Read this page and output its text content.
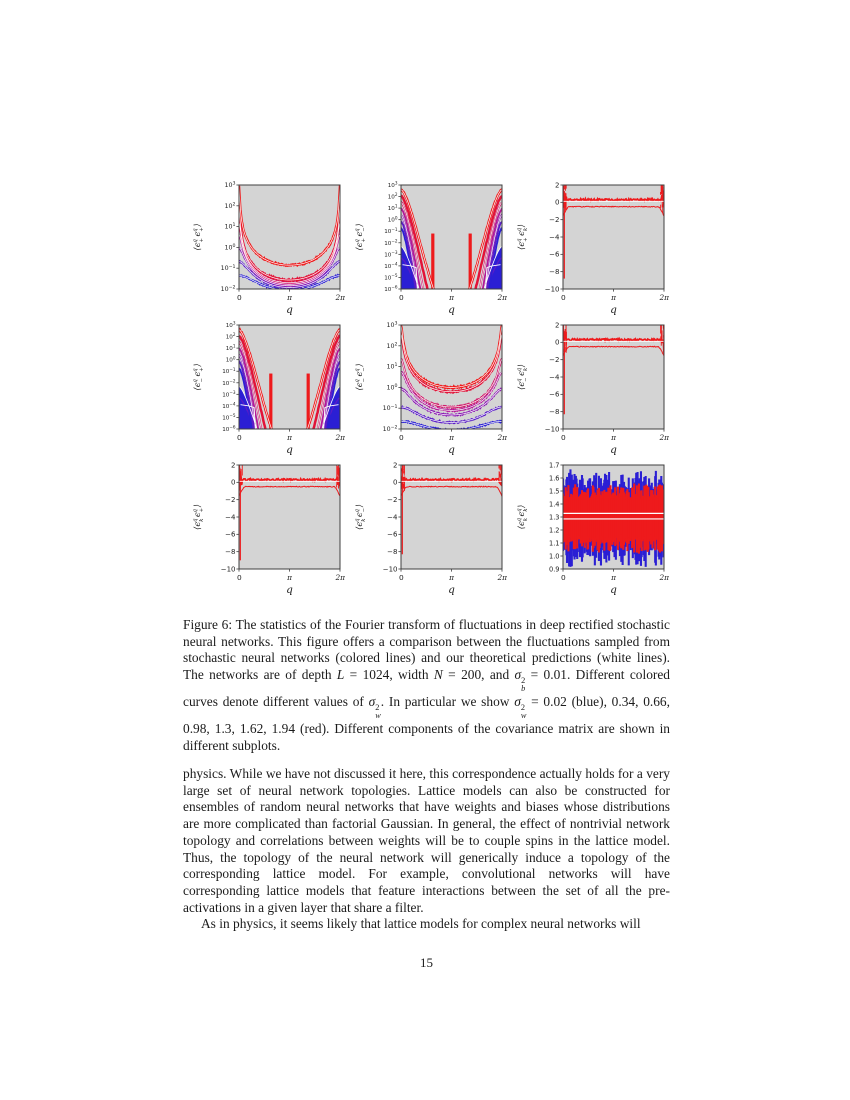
$10^3$
$10^2$
$10^1$
$10^0$
$10^{-1}$
$10^{-2}$
0	π	2π
q
$⟨\epsilon^q+\epsilon^q+⟩$
$10^3$
$10^2$
$10^1$
$10^0$
$10^{-1}$
$10^{-2}$
$10^{-3}$
$10^{-4}$
$10^{-5}$
$10^{-6}$
0	π	2π
q
$⟨\epsilon^q+\epsilon^q-⟩$
2
0
−2
−4
−6
−8
−10
0	π	2π
q
$⟨\epsilon^q+\epsilon^qk⟩$
$10^3$
$10^2$
$10^1$
$10^0$
$10^{-1}$
$10^{-2}$
$10^{-3}$
$10^{-4}$
$10^{-5}$
$10^{-6}$
0	π	2π
q
$⟨\epsilon^q-\epsilon^q+⟩$
$10^3$
$10^2$
$10^1$
$10^0$
$10^{-1}$
$10^{-2}$
0	π	2π
q
$⟨\epsilon^q-\epsilon^q-⟩$
2
0
−2
−4
−6
−8
−10
0	π	2π
q
$⟨\epsilon^q-\epsilon^qk⟩$
2
0
−2
−4
−6
−8
−10
0	π	2π
q
$⟨\epsilon^qk\epsilon^q+⟩$
2
0
−2
−4
−6
−8
−10
0	π	2π
q
$⟨\epsilon^qk\epsilon^q-⟩$
1.7
1.6
1.5
1.4
1.3
1.2
1.1
1.0
0.9
0	π	2π
q
$⟨\epsilon^qk\epsilon^qk⟩$
Figure 6: The statistics of the Fourier transform of fluctuations in deep rectified stochastic neural networks. This figure offers a comparison between the fluctuations sampled from stochastic neural networks (colored lines) and our theoretical predictions (white lines). The networks are of depth L = 1024, width N = 200, and σ 2
b
= 0.01. Different colored curves denote different values of σ 2
w
. In particular we show σ 2
w
= 0.02 (blue), 0.34, 0.66, 0.98, 1.3, 1.62, 1.94 (red). Different components of the covariance matrix are shown in different subplots.

physics. While we have not discussed it here, this correspondence actually holds for a very large set of neural network topologies. Lattice models can also be constructed for ensembles of random neural networks that have weights and biases whose distributions are more complicated than factorial Gaussian. In general, the effect of nontrivial network topology and correlations between weights will be to couple spins in the lattice model. Thus, the topology of the neural network will generically induce a topology of the corresponding lattice model. For example, convolutional networks will have corresponding lattice models that feature interactions between the set of all the pre-activations in a given layer that share a filter.

As in physics, it seems likely that lattice models for complex neural networks will

15
